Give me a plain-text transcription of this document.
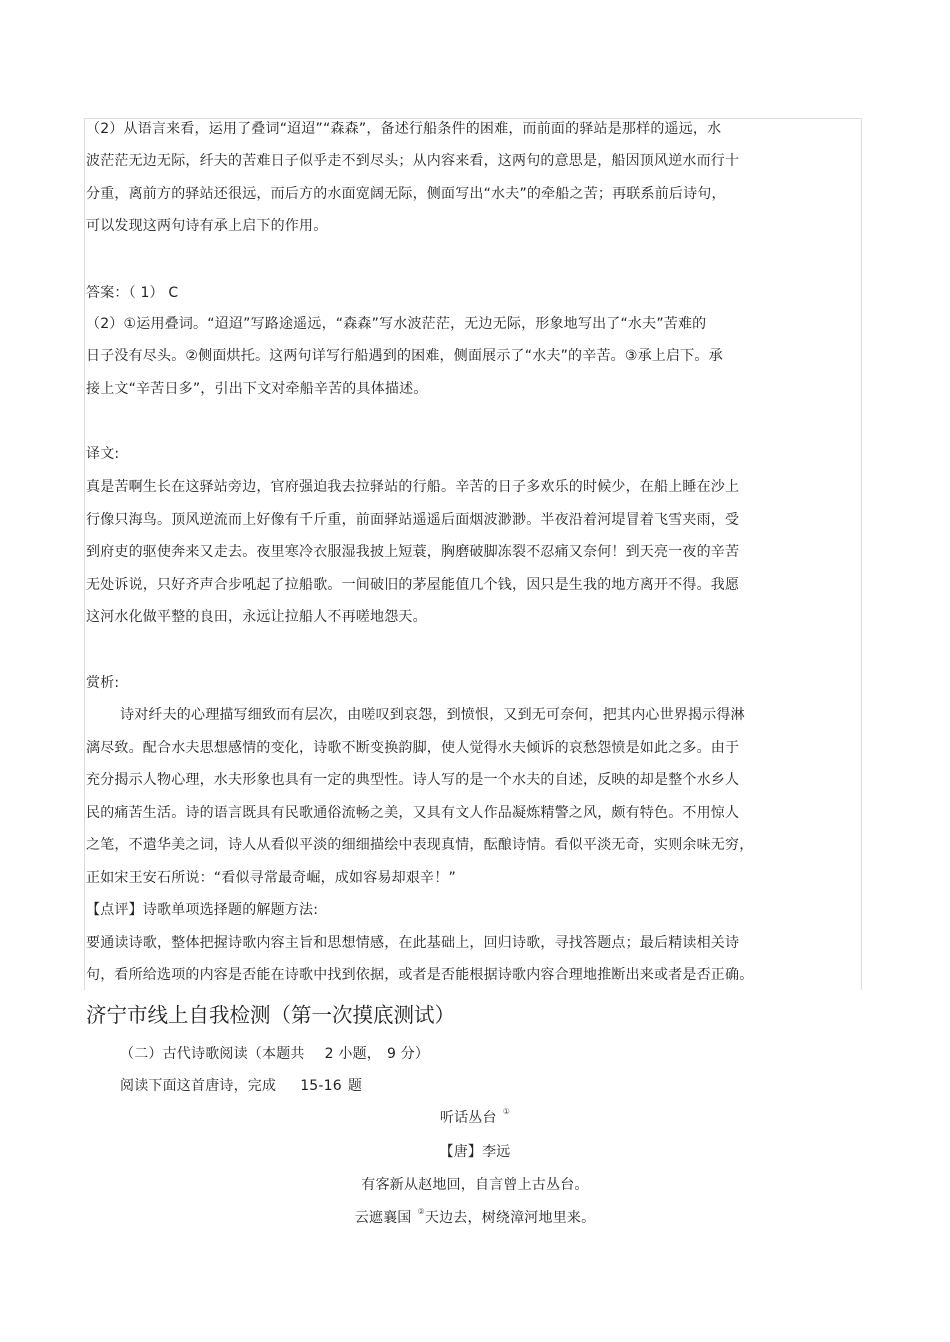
（2）从语言来看，运用了叠词“迢迢”“森森”，备述行船条件的困难，而前面的驿站是那样的遥远，水
波茫茫无边无际，纤夫的苦难日子似乎走不到尽头；从内容来看，这两句的意思是，船因顶风逆水而行十
分重，离前方的驿站还很远，而后方的水面宽阔无际，侧面写出“水夫”的牵船之苦；再联系前后诗句，
可以发现这两句诗有承上启下的作用。
答案：（ 1） C
（2）①运用叠词。“迢迢”写路途遥远，“森森”写水波茫茫，无边无际，形象地写出了“水夫”苦难的
日子没有尽头。②侧面烘托。这两句详写行船遇到的困难，侧面展示了“水夫”的辛苦。③承上启下。承
接上文“辛苦日多”，引出下文对牵船辛苦的具体描述。
译文:
真是苦啊生长在这驿站旁边，官府强迫我去拉驿站的行船。辛苦的日子多欢乐的时候少，在船上睡在沙上
行像只海鸟。顶风逆流而上好像有千斤重，前面驿站遥遥后面烟波渺渺。半夜沿着河堤冒着飞雪夹雨，受
到府吏的驱使奔来又走去。夜里寒冷衣服湿我披上短蓑，胸磨破脚冻裂不忍痛又奈何！到天亮一夜的辛苦
无处诉说，只好齐声合步吼起了拉船歌。一间破旧的茅屋能值几个钱，因只是生我的地方离开不得。我愿
这河水化做平整的良田，永远让拉船人不再嗟地怨天。
赏析:
诗对纤夫的心理描写细致而有层次，由嗟叹到哀怨，到愤恨，又到无可奈何，把其内心世界揭示得淋
漓尽致。配合水夫思想感情的变化，诗歌不断变换韵脚，使人觉得水夫倾诉的哀愁怨愤是如此之多。由于
充分揭示人物心理，水夫形象也具有一定的典型性。诗人写的是一个水夫的自述，反映的却是整个水乡人
民的痛苦生活。诗的语言既具有民歌通俗流畅之美，又具有文人作品凝炼精警之风，颇有特色。不用惊人
之笔，不遣华美之词，诗人从看似平淡的细细描绘中表现真情，酝酿诗情。看似平淡无奇，实则余味无穷，
正如宋王安石所说：“看似寻常最奇崛，成如容易却艰辛！”
【点评】诗歌单项选择题的解题方法:
要通读诗歌，整体把握诗歌内容主旨和思想情感，在此基础上，回归诗歌，寻找答题点；最后精读相关诗
句，看所给选项的内容是否能在诗歌中找到依据，或者是否能根据诗歌内容合理地推断出来或者是否正确。
济宁市线上自我检测（第一次摸底测试）
（二）古代诗歌阅读（本题共 2 小题， 9 分）
阅读下面这首唐诗，完成 15-16 题
听话丛台 ①
【唐】李远
有客新从赵地回，自言曾上古丛台。
云遮襄国 ②天边去，树绕漳河地里来。
